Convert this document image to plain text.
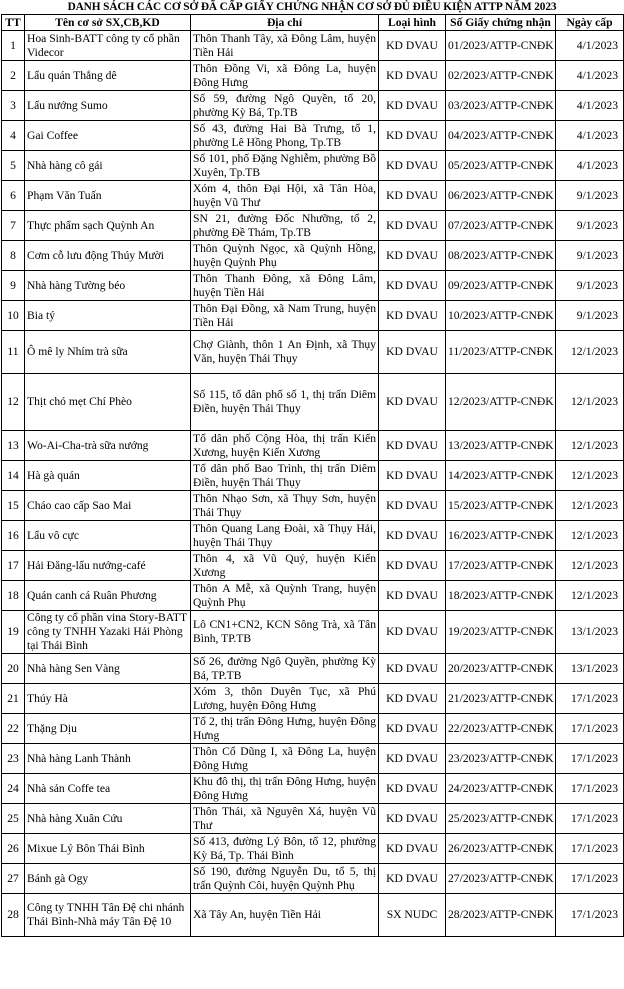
DANH SÁCH CÁC CƠ SỞ ĐÃ CẤP GIẤY CHỨNG NHẬN CƠ SỞ ĐỦ ĐIỀU KIỆN ATTP NĂM 2023
TT	Tên cơ sở SX,CB,KD	Địa chỉ	Loại hình	Số Giấy chứng nhận	Ngày cấp
1	Hoa Sinh-BATT công ty cổ phần Videcor	Thôn Thanh Tây, xã Đông Lâm, huyện Tiền Hải	KD DVAU	01/2023/ATTP-CNĐK	4/1/2023
2	Lẩu quán Thắng dê	Thôn Đồng Vi, xã Đông La, huyện Đông Hưng	KD DVAU	02/2023/ATTP-CNĐK	4/1/2023
3	Lẩu nướng Sumo	Số 59, đường Ngô Quyền, tổ 20, phường Kỳ Bá, Tp.TB	KD DVAU	03/2023/ATTP-CNĐK	4/1/2023
4	Gai Coffee	Số 43, đường Hai Bà Trưng, tổ 1, phường Lê Hồng Phong, Tp.TB	KD DVAU	04/2023/ATTP-CNĐK	4/1/2023
5	Nhà hàng cô gái	Số 101, phố Đặng Nghiễm, phường Bồ Xuyên, Tp.TB	KD DVAU	05/2023/ATTP-CNĐK	4/1/2023
6	Phạm Văn Tuấn	Xóm 4, thôn Đại Hội, xã Tân Hòa, huyện Vũ Thư	KD DVAU	06/2023/ATTP-CNĐK	9/1/2023
7	Thực phẩm sạch Quỳnh An	SN 21, đường Đốc Nhưỡng, tổ 2, phường Đề Thám, Tp.TB	KD DVAU	07/2023/ATTP-CNĐK	9/1/2023
8	Cơm cỗ lưu động Thúy Mười	Thôn Quỳnh Ngọc, xã Quỳnh Hồng, huyện Quỳnh Phụ	KD DVAU	08/2023/ATTP-CNĐK	9/1/2023
9	Nhà hàng Tường béo	Thôn Thanh Đông, xã Đông Lâm, huyện Tiền Hải	KD DVAU	09/2023/ATTP-CNĐK	9/1/2023
10	Bia tý	Thôn Đại Đồng, xã Nam Trung, huyện Tiền Hải	KD DVAU	10/2023/ATTP-CNĐK	9/1/2023
11	Ô mê ly Nhím trà sữa	Chợ Giành, thôn 1 An Định, xã Thụy Văn, huyện Thái Thụy	KD DVAU	11/2023/ATTP-CNĐK	12/1/2023
12	Thịt chó mẹt Chí Phèo	Số 115, tổ dân phố số 1, thị trấn Diêm Điền, huyện Thái Thụy	KD DVAU	12/2023/ATTP-CNĐK	12/1/2023
13	Wo-Ai-Cha-trà sữa nướng	Tổ dân phố Cộng Hòa, thị trấn Kiến Xương, huyện Kiến Xương	KD DVAU	13/2023/ATTP-CNĐK	12/1/2023
14	Hà gà quán	Tổ dân phố Bao Trình, thị trấn Diêm Điền, huyện Thái Thụy	KD DVAU	14/2023/ATTP-CNĐK	12/1/2023
15	Cháo cao cấp Sao Mai	Thôn Nhạo Sơn, xã Thụy Sơn, huyện Thái Thụy	KD DVAU	15/2023/ATTP-CNĐK	12/1/2023
16	Lẩu vô cực	Thôn Quang Lang Đoài, xã Thụy Hải, huyện Thái Thụy	KD DVAU	16/2023/ATTP-CNĐK	12/1/2023
17	Hải Đăng-lẩu nướng-café	Thôn 4, xã Vũ Quý, huyện Kiến Xương	KD DVAU	17/2023/ATTP-CNĐK	12/1/2023
18	Quán canh cá Ruân Phương	Thôn A Mễ, xã Quỳnh Trang, huyện Quỳnh Phụ	KD DVAU	18/2023/ATTP-CNĐK	12/1/2023
19	Công ty cổ phần vina Story-BATT công ty TNHH Yazaki Hải Phòng tại Thái Bình	Lô CN1+CN2, KCN Sông Trà, xã Tân Bình, TP.TB	KD DVAU	19/2023/ATTP-CNĐK	13/1/2023
20	Nhà hàng Sen Vàng	Số 26, đường Ngô Quyền, phường Kỳ Bá, TP.TB	KD DVAU	20/2023/ATTP-CNĐK	13/1/2023
21	Thúy Hà	Xóm 3, thôn Duyên Tục, xã Phú Lương, huyện Đông Hưng	KD DVAU	21/2023/ATTP-CNĐK	17/1/2023
22	Thặng Dịu	Tổ 2, thị trấn Đông Hưng, huyện Đông Hưng	KD DVAU	22/2023/ATTP-CNĐK	17/1/2023
23	Nhà hàng Lanh Thành	Thôn Cổ Dũng I, xã Đông La, huyện Đông Hưng	KD DVAU	23/2023/ATTP-CNĐK	17/1/2023
24	Nhà sản Coffe tea	Khu đô thị, thị trấn Đông Hưng, huyện Đông Hưng	KD DVAU	24/2023/ATTP-CNĐK	17/1/2023
25	Nhà hàng Xuân Cứu	Thôn Thái, xã Nguyên Xá, huyện Vũ Thư	KD DVAU	25/2023/ATTP-CNĐK	17/1/2023
26	Mixue Lý Bôn Thái Bình	Số 413, đường Lý Bôn, tổ 12, phường Kỳ Bá, Tp. Thái Bình	KD DVAU	26/2023/ATTP-CNĐK	17/1/2023
27	Bánh gà Ogy	Số 190, đường Nguyễn Du, tổ 5, thị trấn Quỳnh Côi, huyện Quỳnh Phụ	KD DVAU	27/2023/ATTP-CNĐK	17/1/2023
28	Công ty TNHH Tân Đệ chi nhánh Thái Bình-Nhà máy Tân Đệ 10	Xã Tây An, huyện Tiền Hải	SX NUDC	28/2023/ATTP-CNĐK	17/1/2023
